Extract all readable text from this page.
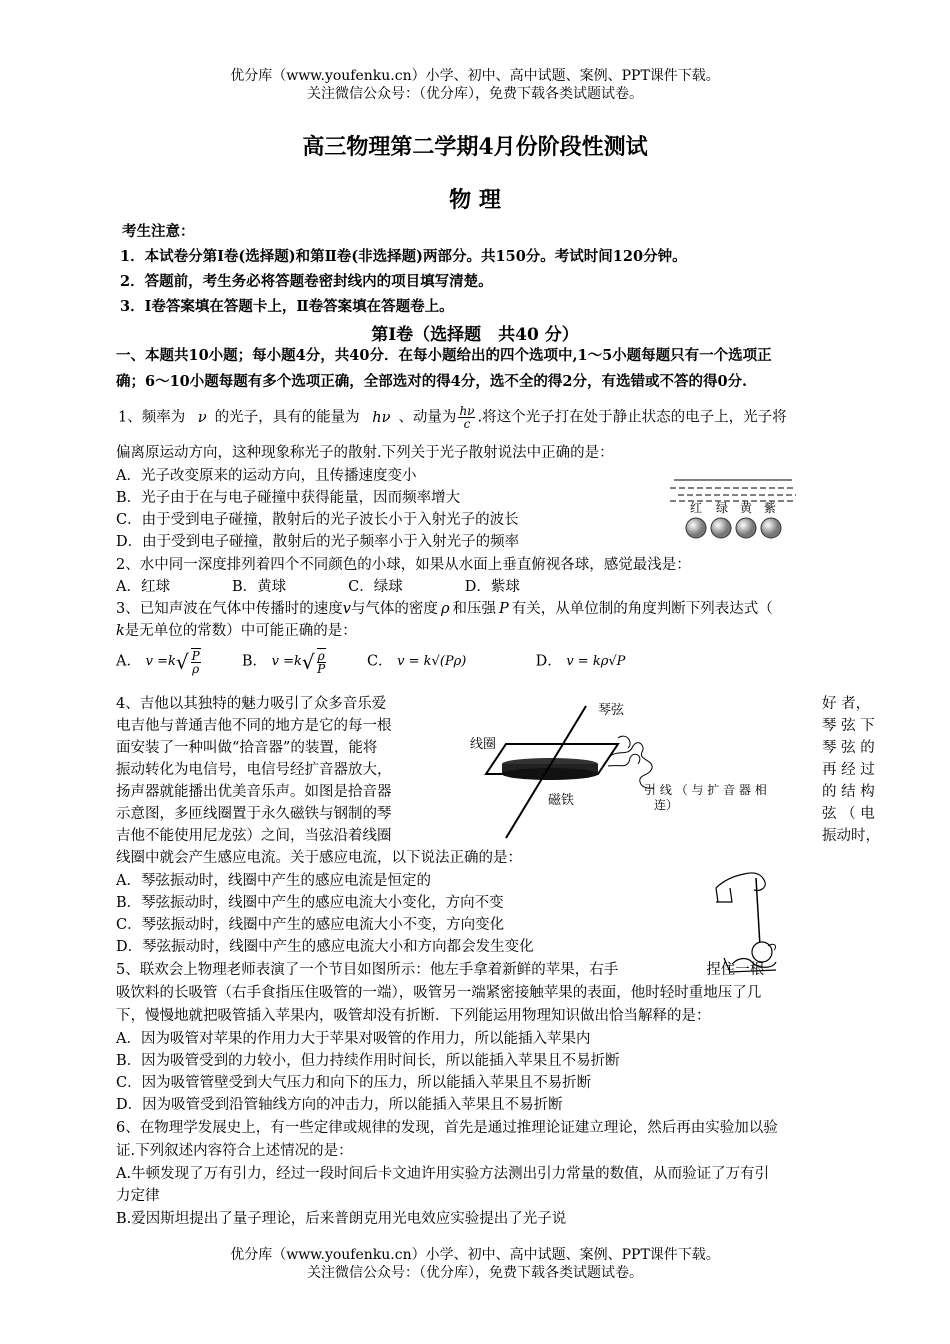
优分库（www.youfenku.cn）小学、初中、高中试题、案例、PPT课件下载。
关注微信公众号：（优分库），免费下载各类试题试卷。
高三物理第二学期4月份阶段性测试
物 理
考生注意：
1．本试卷分第Ⅰ卷(选择题)和第Ⅱ卷(非选择题)两部分。共150分。考试时间120分钟。
2．答题前，考生务必将答题卷密封线内的项目填写清楚。
3．Ⅰ卷答案填在答题卡上，Ⅱ卷答案填在答题卷上。
第Ⅰ卷（选择题　共40 分）
一、本题共10小题；每小题4分，共40分．在每小题给出的四个选项中,1～5小题每题只有一个选项正
确；6～10小题每题有多个选项正确，全部选对的得4分，选不全的得2分，有选错或不答的得0分.
1、频率为 ν 的光子，具有的能量为 hν 、动量为 $\frac{h\nu}{c}$ .将这个光子打在处于静止状态的电子上，光子将
偏离原运动方向，这种现象称光子的散射.下列关于光子散射说法中正确的是：
A．光子改变原来的运动方向，且传播速度变小
B．光子由于在与电子碰撞中获得能量，因而频率增大
C．由于受到电子碰撞，散射后的光子波长小于入射光子的波长
D．由于受到电子碰撞，散射后的光子频率小于入射光子的频率
红 绿 黄 紫
2、水中同一深度排列着四个不同颜色的小球，如果从水面上垂直俯视各球，感觉最浅是：
A．红球	B．黄球	C．绿球	D．紫球
3、已知声波在气体中传播时的速度v与气体的密度 ρ 和压强 P 有关，从单位制的角度判断下列表达式（
k是无单位的常数）中可能正确的是：
A． $v =k√ \frac{P}{\rho}$	B． $v =k√ \frac{\rho}{P}$	C． v = k√(Pρ)	D． v = kρ√P
4、吉他以其独特的魅力吸引了众多音乐爱
电吉他与普通吉他不同的地方是它的每一根
面安装了一种叫做“拾音器”的装置，能将
振动转化为电信号，电信号经扩音器放大，
扬声器就能播出优美音乐声。如图是拾音器
示意图，多匝线圈置于永久磁铁与钢制的琴
吉他不能使用尼龙弦）之间，当弦沿着线圈
好 者，
琴 弦 下
琴 弦 的
再 经 过
的 结 构
弦 （ 电
振动时，
琴弦
线圈
磁铁
引 线 （ 与 扩 音 器 相
连）
线圈中就会产生感应电流。关于感应电流，以下说法正确的是：
A．琴弦振动时，线圈中产生的感应电流是恒定的
B．琴弦振动时，线圈中产生的感应电流大小变化，方向不变
C．琴弦振动时，线圈中产生的感应电流大小不变，方向变化
D．琴弦振动时，线圈中产生的感应电流大小和方向都会发生变化
5、联欢会上物理老师表演了一个节目如图所示：他左手拿着新鲜的苹果，右手	捏住一根
吸饮料的长吸管（右手食指压住吸管的一端），吸管另一端紧密接触苹果的表面，他时轻时重地压了几
下，慢慢地就把吸管插入苹果内，吸管却没有折断．下列能运用物理知识做出恰当解释的是：
A．因为吸管对苹果的作用力大于苹果对吸管的作用力，所以能插入苹果内
B．因为吸管受到的力较小，但力持续作用时间长，所以能插入苹果且不易折断
C．因为吸管管壁受到大气压力和向下的压力，所以能插入苹果且不易折断
D．因为吸管受到沿管轴线方向的冲击力，所以能插入苹果且不易折断
6、在物理学发展史上，有一些定律或规律的发现，首先是通过推理论证建立理论，然后再由实验加以验
证.下列叙述内容符合上述情况的是：
A.牛顿发现了万有引力，经过一段时间后卡文迪许用实验方法测出引力常量的数值，从而验证了万有引
力定律
B.爱因斯坦提出了量子理论，后来普朗克用光电效应实验提出了光子说
优分库（www.youfenku.cn）小学、初中、高中试题、案例、PPT课件下载。
关注微信公众号：（优分库），免费下载各类试题试卷。
